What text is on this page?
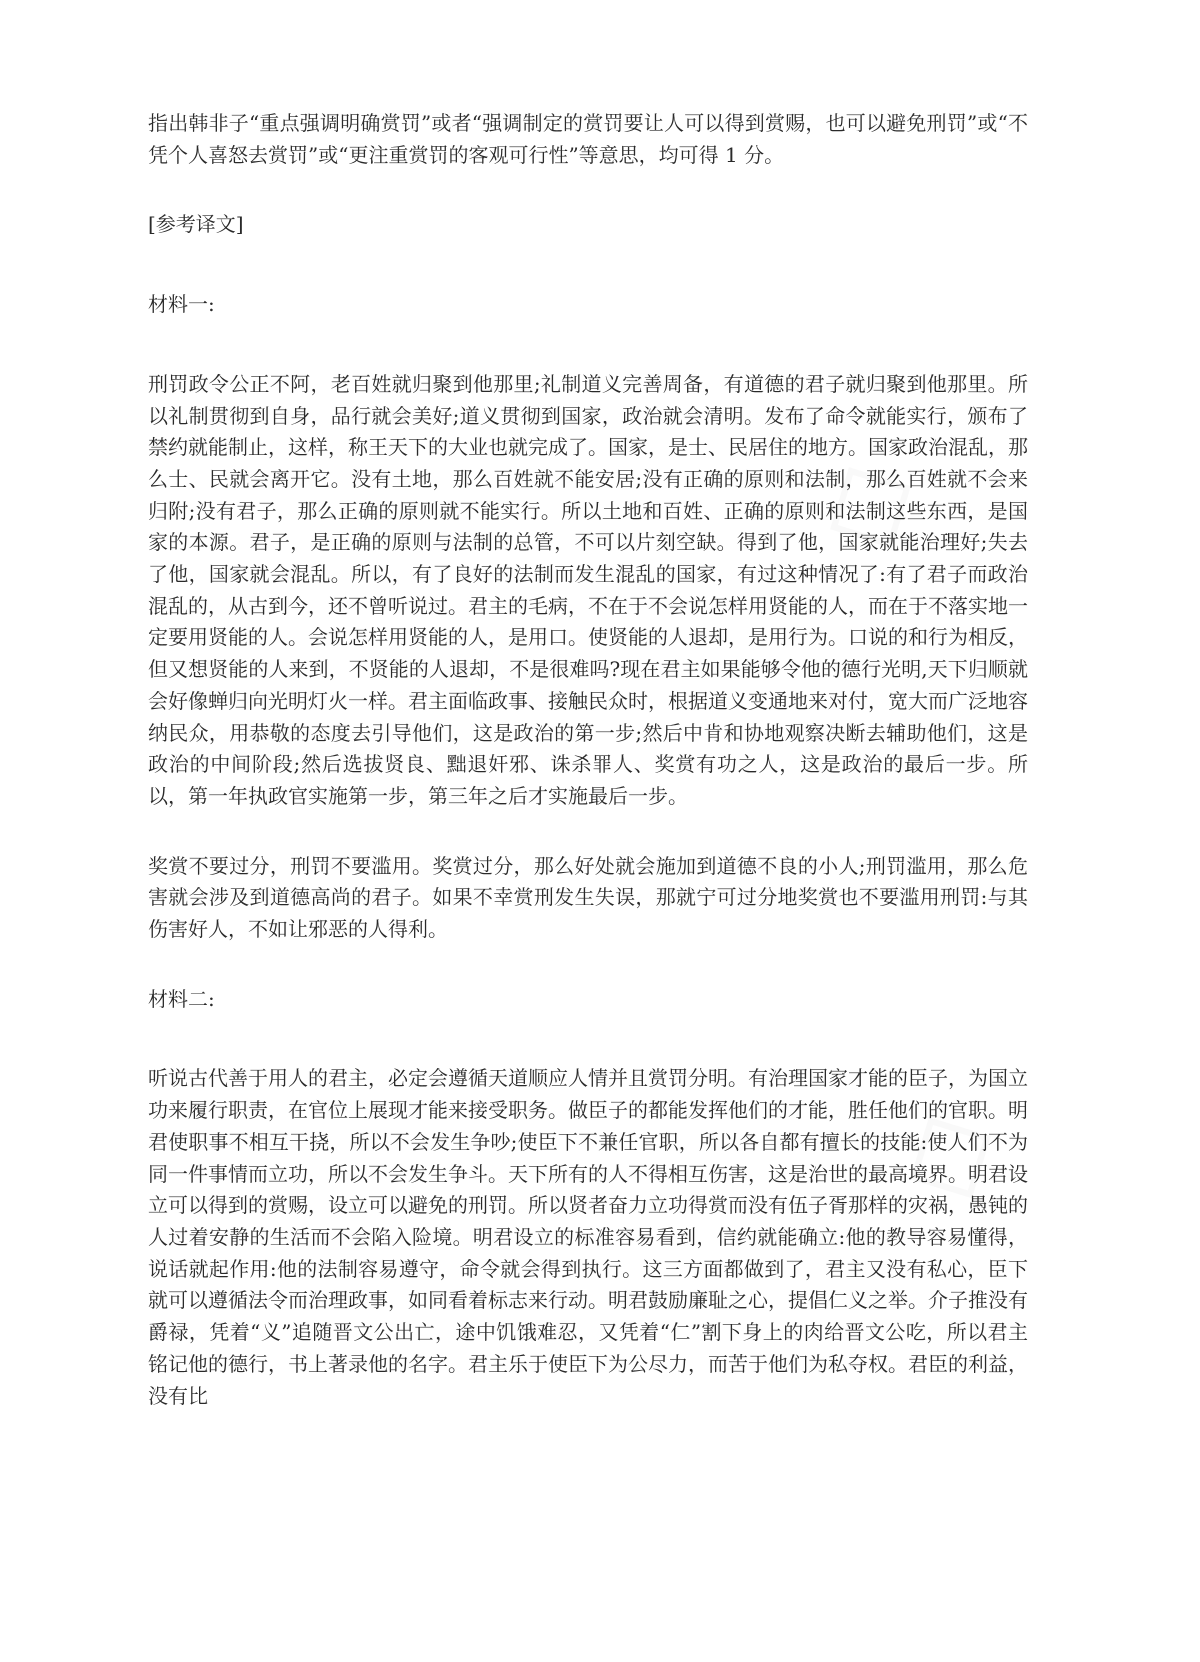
指出韩非子“重点强调明确赏罚”或者“强调制定的赏罚要让人可以得到赏赐，也可以避免刑罚”或“不凭个人喜怒去赏罚”或“更注重赏罚的客观可行性”等意思，均可得 1 分。

[参考译文]

材料一:

刑罚政令公正不阿，老百姓就归聚到他那里;礼制道义完善周备，有道德的君子就归聚到他那里。所以礼制贯彻到自身，品行就会美好;道义贯彻到国家，政治就会清明。发布了命令就能实行，颁布了禁约就能制止，这样，称王天下的大业也就完成了。国家，是士、民居住的地方。国家政治混乱，那么士、民就会离开它。没有土地，那么百姓就不能安居;没有正确的原则和法制，那么百姓就不会来归附;没有君子，那么正确的原则就不能实行。所以土地和百姓、正确的原则和法制这些东西，是国家的本源。君子，是正确的原则与法制的总管，不可以片刻空缺。得到了他，国家就能治理好;失去了他，国家就会混乱。所以，有了良好的法制而发生混乱的国家，有过这种情况了:有了君子而政治混乱的，从古到今，还不曾听说过。君主的毛病，不在于不会说怎样用贤能的人，而在于不落实地一定要用贤能的人。会说怎样用贤能的人，是用口。使贤能的人退却，是用行为。口说的和行为相反，但又想贤能的人来到，不贤能的人退却，不是很难吗?现在君主如果能够令他的德行光明,天下归顺就会好像蝉归向光明灯火一样。君主面临政事、接触民众时，根据道义变通地来对付，宽大而广泛地容纳民众，用恭敬的态度去引导他们，这是政治的第一步;然后中肯和协地观察决断去辅助他们，这是政治的中间阶段;然后选拔贤良、黜退奸邪、诛杀罪人、奖赏有功之人，这是政治的最后一步。所以，第一年执政官实施第一步，第三年之后才实施最后一步。

奖赏不要过分，刑罚不要滥用。奖赏过分，那么好处就会施加到道德不良的小人;刑罚滥用，那么危害就会涉及到道德高尚的君子。如果不幸赏刑发生失误，那就宁可过分地奖赏也不要滥用刑罚:与其伤害好人，不如让邪恶的人得利。

材料二:

听说古代善于用人的君主，必定会遵循天道顺应人情并且赏罚分明。有治理国家才能的臣子，为国立功来履行职责，在官位上展现才能来接受职务。做臣子的都能发挥他们的才能，胜任他们的官职。明君使职事不相互干挠，所以不会发生争吵;使臣下不兼任官职，所以各自都有擅长的技能:使人们不为同一件事情而立功，所以不会发生争斗。天下所有的人不得相互伤害，这是治世的最高境界。明君设立可以得到的赏赐，设立可以避免的刑罚。所以贤者奋力立功得赏而没有伍子胥那样的灾祸，愚钝的人过着安静的生活而不会陷入险境。明君设立的标准容易看到，信约就能确立:他的教导容易懂得，说话就起作用:他的法制容易遵守，命令就会得到执行。这三方面都做到了，君主又没有私心，臣下就可以遵循法令而治理政事，如同看着标志来行动。明君鼓励廉耻之心，提倡仁义之举。介子推没有爵禄，凭着“义”追随晋文公出亡，途中饥饿难忍，又凭着“仁”割下身上的肉给晋文公吃，所以君主铭记他的德行，书上著录他的名字。君主乐于使臣下为公尽力，而苦于他们为私夺权。君臣的利益，没有比
